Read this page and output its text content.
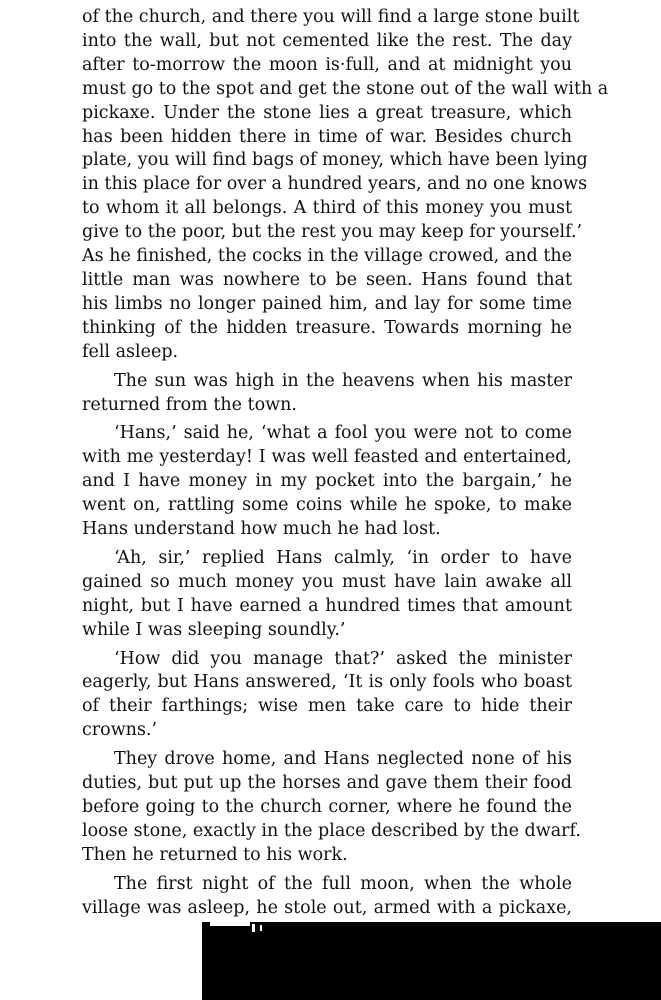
of the church, and there you will find a large stone built
into the wall, but not cemented like the rest. The day
after to-morrow the moon is·full, and at midnight you
must go to the spot and get the stone out of the wall with a
pickaxe. Under the stone lies a great treasure, which
has been hidden there in time of war. Besides church
plate, you will find bags of money, which have been lying
in this place for over a hundred years, and no one knows
to whom it all belongs. A third of this money you must
give to the poor, but the rest you may keep for yourself.’
As he finished, the cocks in the village crowed, and the
little man was nowhere to be seen. Hans found that
his limbs no longer pained him, and lay for some time
thinking of the hidden treasure. Towards morning he
fell asleep.

The sun was high in the heavens when his master
returned from the town.

‘Hans,’ said he, ‘what a fool you were not to come
with me yesterday! I was well feasted and entertained,
and I have money in my pocket into the bargain,’ he
went on, rattling some coins while he spoke, to make
Hans understand how much he had lost.

‘Ah, sir,’ replied Hans calmly, ‘in order to have
gained so much money you must have lain awake all
night, but I have earned a hundred times that amount
while I was sleeping soundly.’

‘How did you manage that?’ asked the minister
eagerly, but Hans answered, ‘It is only fools who boast
of their farthings; wise men take care to hide their
crowns.’

They drove home, and Hans neglected none of his
duties, but put up the horses and gave them their food
before going to the church corner, where he found the
loose stone, exactly in the place described by the dwarf.
Then he returned to his work.

The first night of the full moon, when the whole
village was asleep, he stole out, armed with a pickaxe,
